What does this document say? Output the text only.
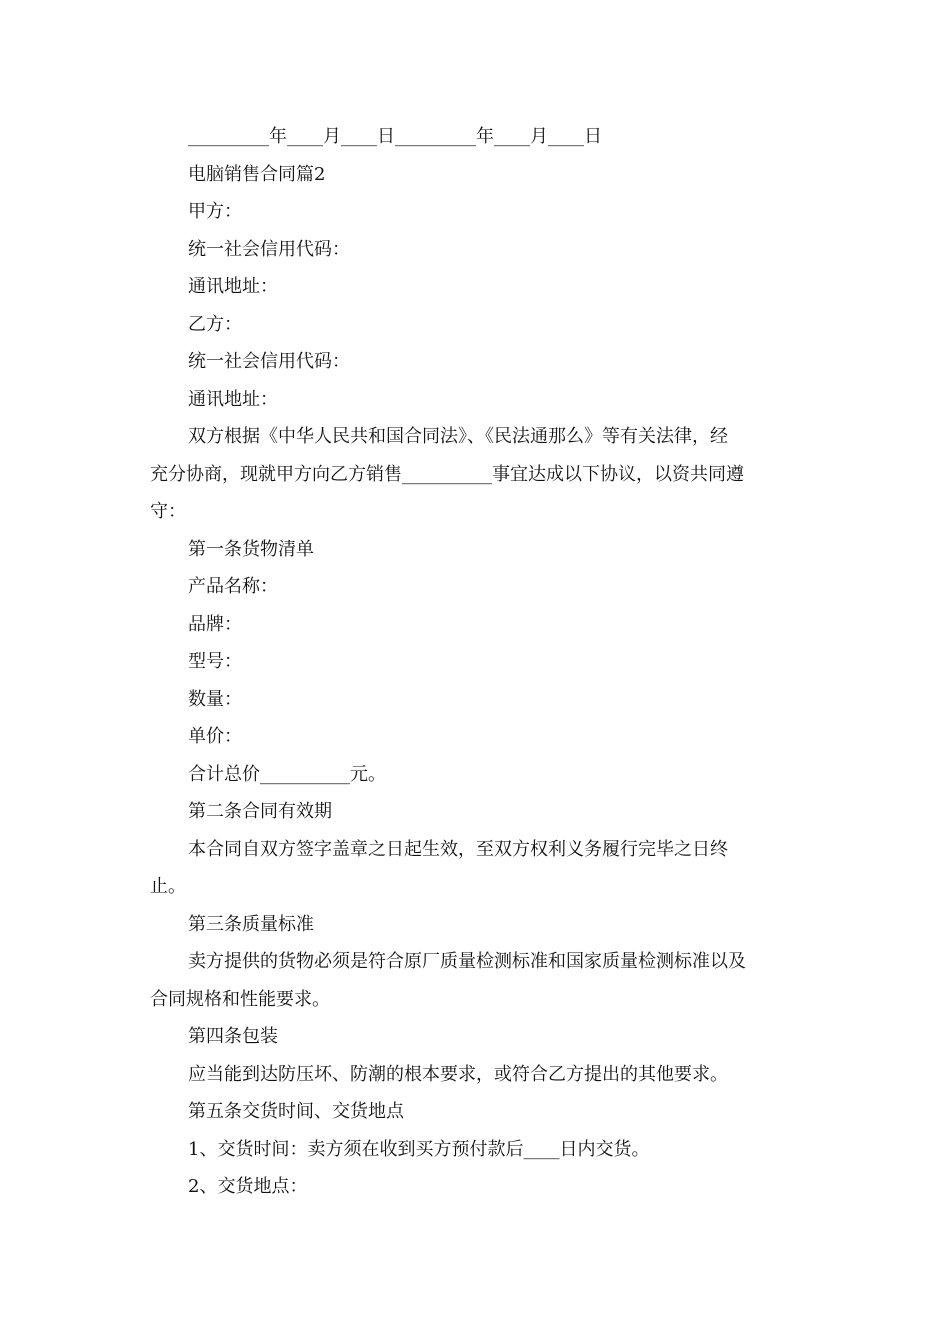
_________年____月____日_________年____月____日
电脑销售合同篇2
甲方：
统一社会信用代码：
通讯地址：
乙方：
统一社会信用代码：
通讯地址：
双方根据《中华人民共和国合同法》、《民法通那么》等有关法律，经
充分协商，现就甲方向乙方销售__________事宜达成以下协议，以资共同遵
守：
第一条货物清单
产品名称：
品牌：
型号：
数量：
单价：
合计总价__________元。
第二条合同有效期
本合同自双方签字盖章之日起生效，至双方权利义务履行完毕之日终
止。
第三条质量标准
卖方提供的货物必须是符合原厂质量检测标准和国家质量检测标准以及
合同规格和性能要求。
第四条包装
应当能到达防压坏、防潮的根本要求，或符合乙方提出的其他要求。
第五条交货时间、交货地点
1、交货时间：卖方须在收到买方预付款后____日内交货。
2、交货地点：
